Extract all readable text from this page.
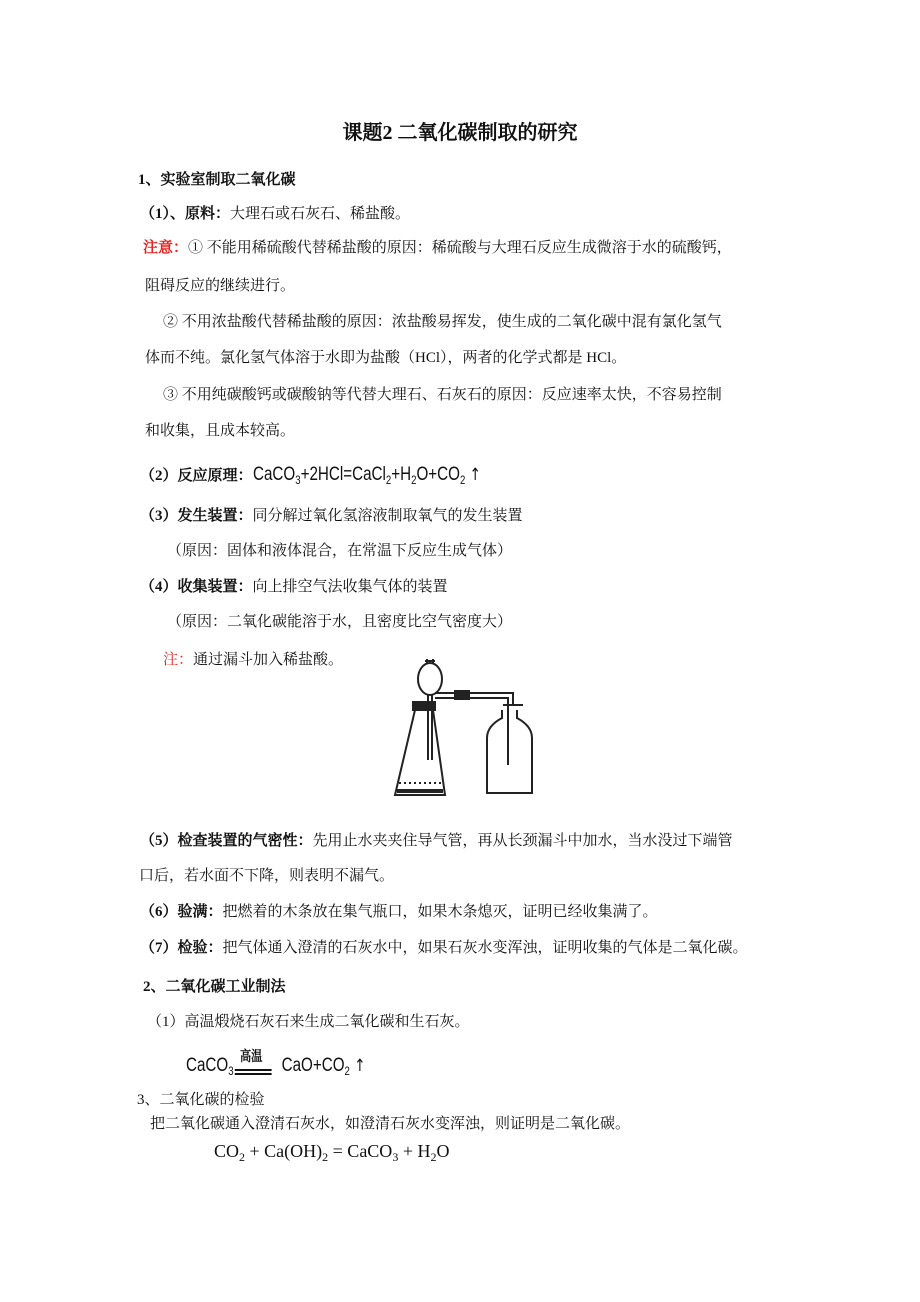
课题2 二氧化碳制取的研究
1、实验室制取二氧化碳
（1）、原料：大理石或石灰石、稀盐酸。
注意：① 不能用稀硫酸代替稀盐酸的原因：稀硫酸与大理石反应生成微溶于水的硫酸钙，
阻碍反应的继续进行。
② 不用浓盐酸代替稀盐酸的原因：浓盐酸易挥发，使生成的二氧化碳中混有氯化氢气
体而不纯。氯化氢气体溶于水即为盐酸（HCl），两者的化学式都是 HCl。
③ 不用纯碳酸钙或碳酸钠等代替大理石、石灰石的原因：反应速率太快，不容易控制
和收集，且成本较高。
（2）反应原理：$CaCO_3+2HCl=CaCl_2+H_2O+CO_2$ ↑
（3）发生装置：同分解过氧化氢溶液制取氧气的发生装置
（原因：固体和液体混合，在常温下反应生成气体）
（4）收集装置：向上排空气法收集气体的装置
（原因：二氧化碳能溶于水，且密度比空气密度大）
注：通过漏斗加入稀盐酸。
（5）检查装置的气密性：先用止水夹夹住导气管，再从长颈漏斗中加水，当水没过下端管
口后，若水面不下降，则表明不漏气。
（6）验满：把燃着的木条放在集气瓶口，如果木条熄灭，证明已经收集满了。
（7）检验：把气体通入澄清的石灰水中，如果石灰水变浑浊，证明收集的气体是二氧化碳。
2、二氧化碳工业制法
（1）高温煅烧石灰石来生成二氧化碳和生石灰。
CaCO$_3$
高温 $CaO+CO_2$ ↑
3、二氧化碳的检验
把二氧化碳通入澄清石灰水，如澄清石灰水变浑浊，则证明是二氧化碳。
$CO_2 + Ca(OH)_2$ = CaCO$_3$ + $H_2O$
